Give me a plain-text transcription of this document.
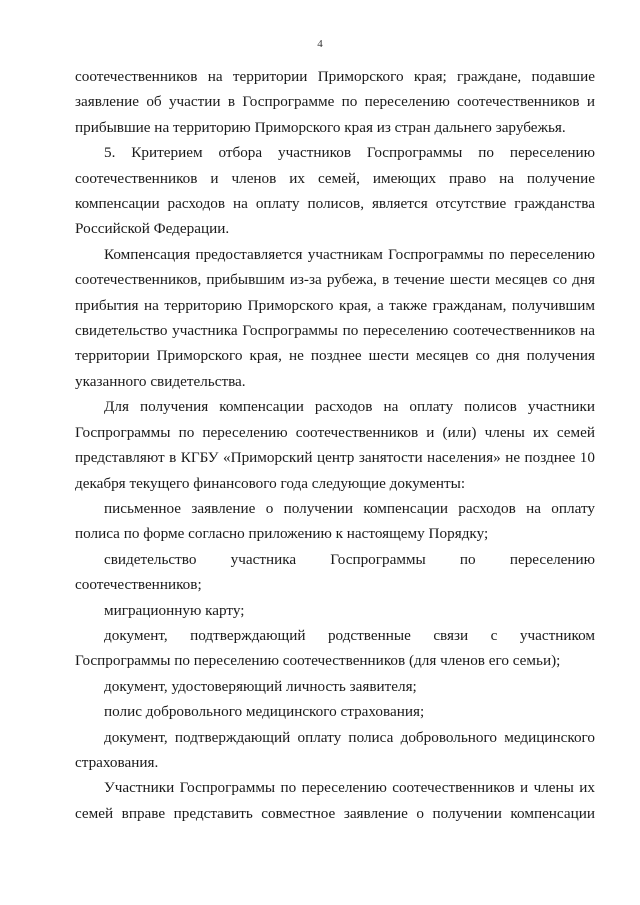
4

соотечественников на территории Приморского края; граждане, подавшие заявление об участии в Госпрограмме по переселению соотечественников и прибывшие на территорию Приморского края из стран дальнего зарубежья.

5. Критерием отбора участников Госпрограммы по переселению соотечественников и членов их семей, имеющих право на получение компенсации расходов на оплату полисов, является отсутствие гражданства Российской Федерации.

Компенсация предоставляется участникам Госпрограммы по переселению соотечественников, прибывшим из-за рубежа, в течение шести месяцев со дня прибытия на территорию Приморского края, а также гражданам, получившим свидетельство участника Госпрограммы по переселению соотечественников на территории Приморского края, не позднее шести месяцев со дня получения указанного свидетельства.

Для получения компенсации расходов на оплату полисов участники Госпрограммы по переселению соотечественников и (или) члены их семей представляют в КГБУ «Приморский центр занятости населения» не позднее 10 декабря текущего финансового года следующие документы:

письменное заявление о получении компенсации расходов на оплату полиса по форме согласно приложению к настоящему Порядку;

свидетельство участника Госпрограммы по переселению соотечественников;

миграционную карту;

документ, подтверждающий родственные связи с участником Госпрограммы по переселению соотечественников (для членов его семьи);

документ, удостоверяющий личность заявителя;

полис добровольного медицинского страхования;

документ, подтверждающий оплату полиса добровольного медицинского страхования.

Участники Госпрограммы по переселению соотечественников и члены их семей вправе представить совместное заявление о получении компенсации
